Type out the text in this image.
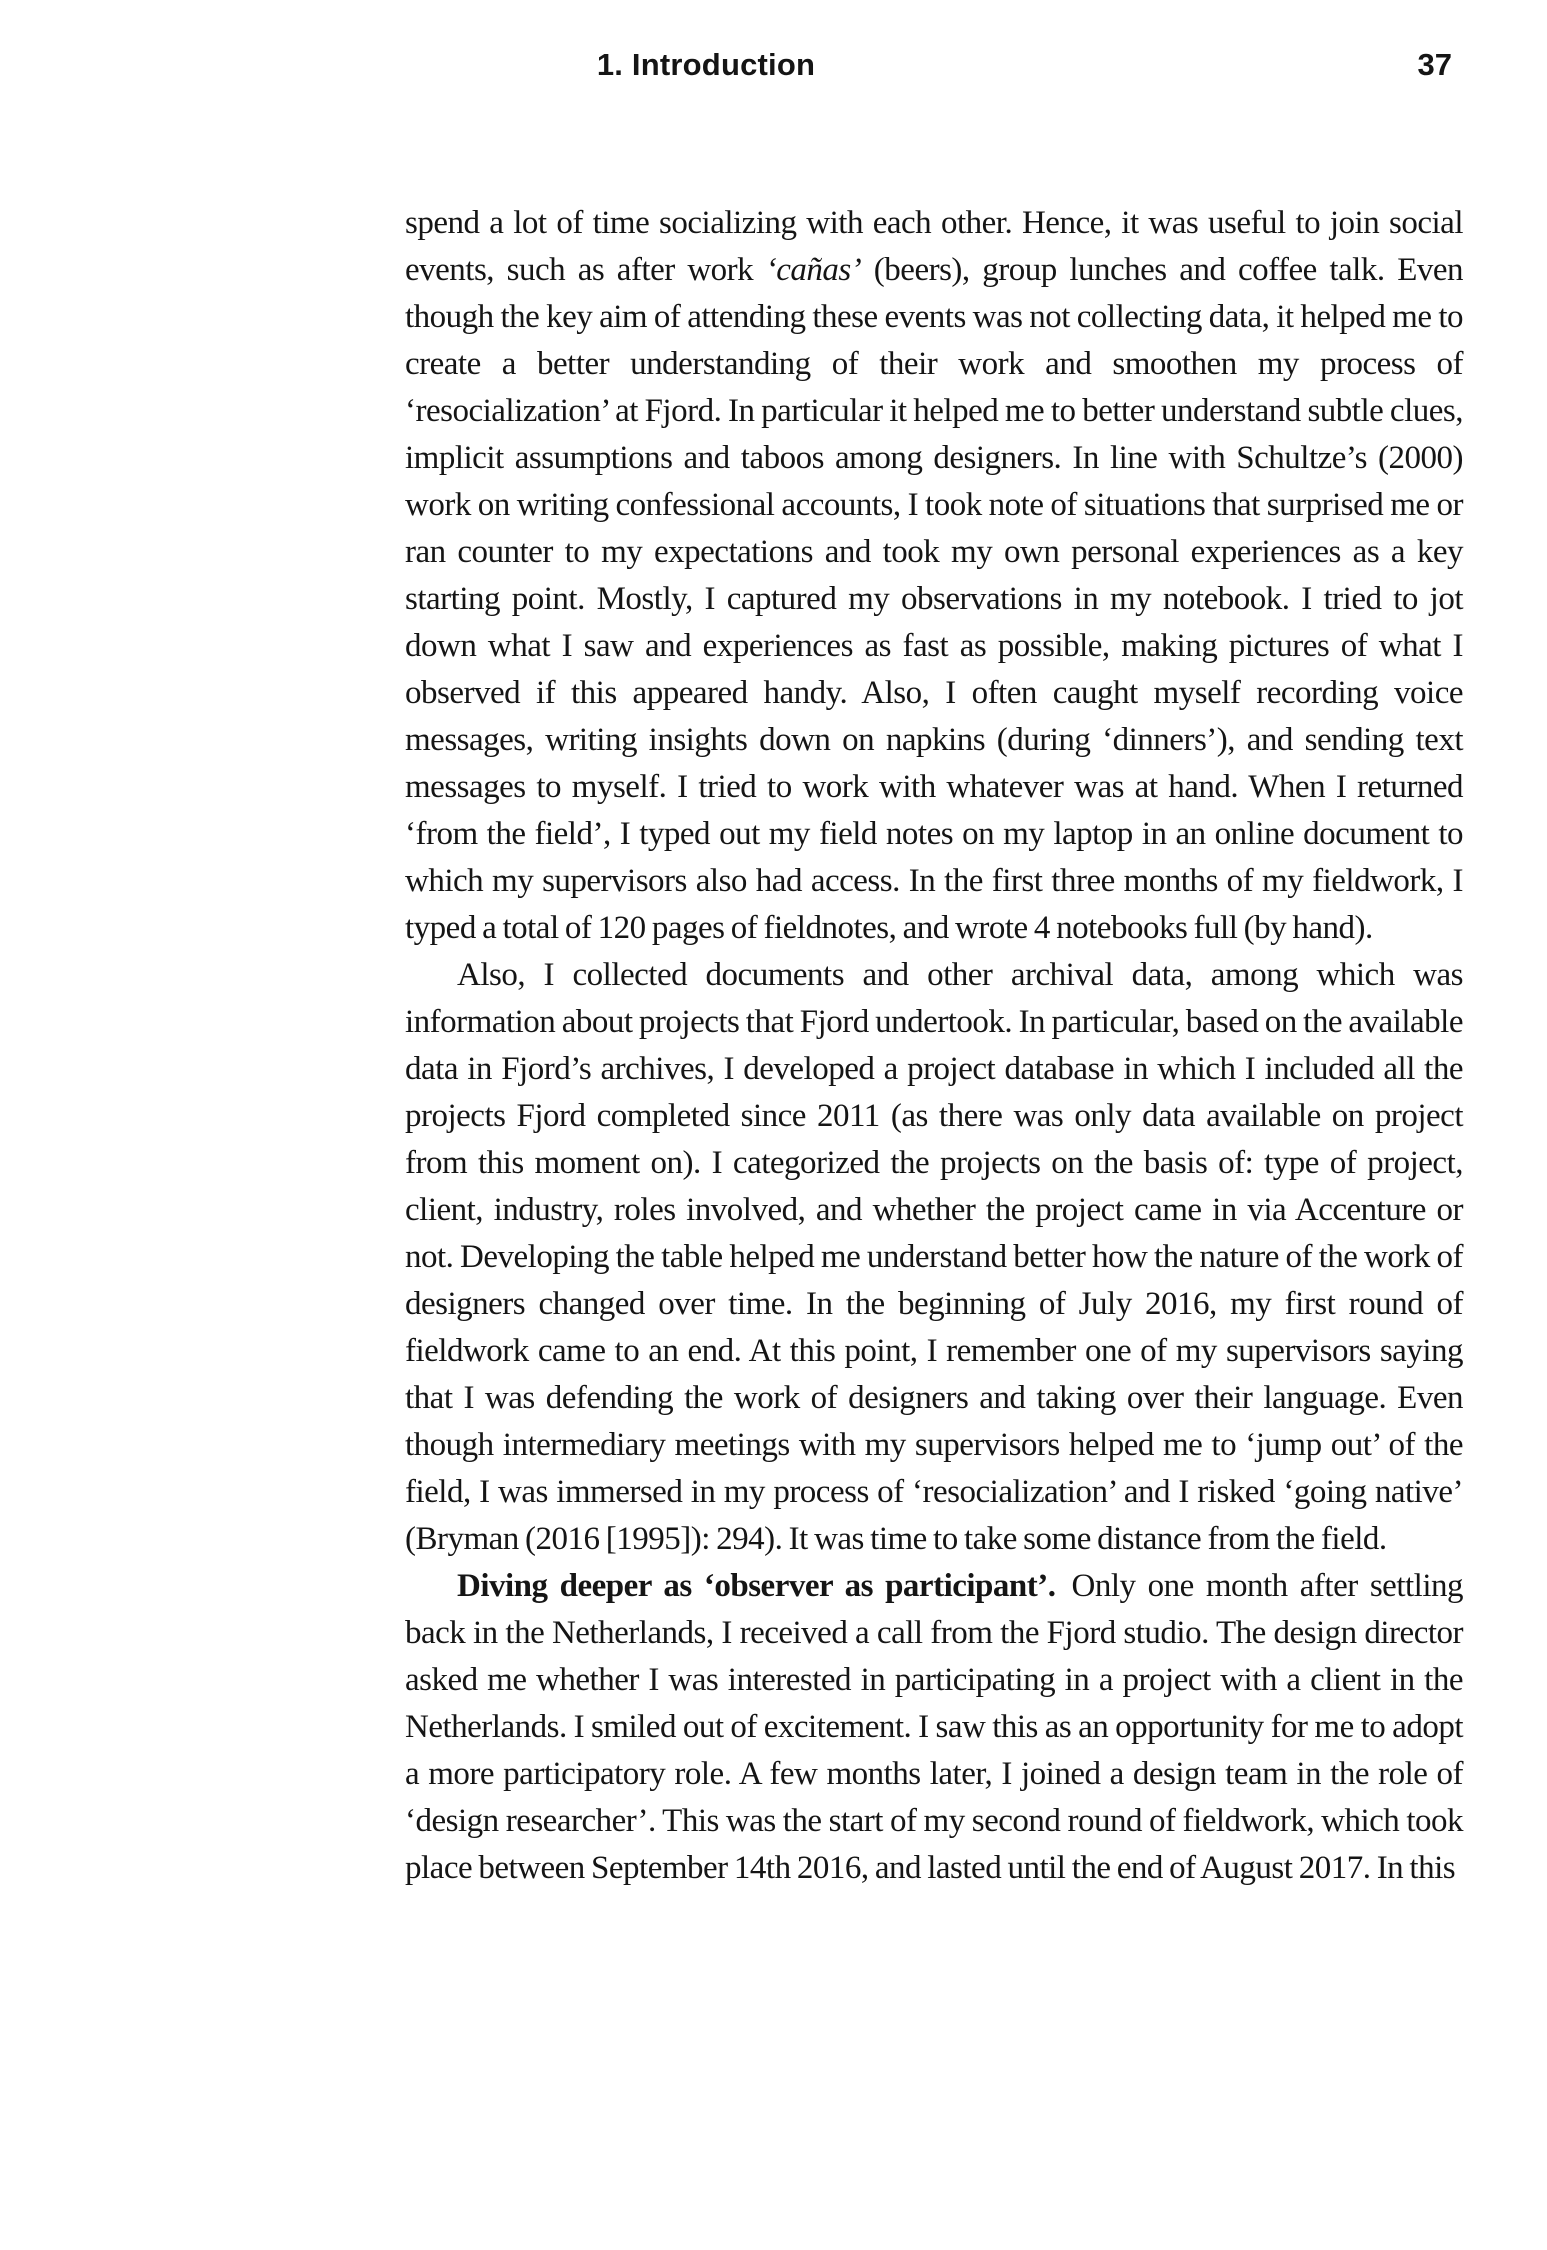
1. Introduction	37

spend a lot of time socializing with each other. Hence, it was useful to join social events, such as after work ‘cañas’ (beers), group lunches and coffee talk. Even though the key aim of attending these events was not collecting data, it helped me to create a better understanding of their work and smoothen my process of ‘resocialization’ at Fjord. In particular it helped me to better understand subtle clues, implicit assumptions and taboos among designers. In line with Schultze’s (2000) work on writing confessional accounts, I took note of situations that surprised me or ran counter to my expectations and took my own personal experiences as a key starting point. Mostly, I captured my observations in my notebook. I tried to jot down what I saw and experiences as fast as possible, making pictures of what I observed if this appeared handy. Also, I often caught myself recording voice messages, writing insights down on napkins (during ‘dinners’), and sending text messages to myself. I tried to work with whatever was at hand. When I returned ‘from the field’, I typed out my field notes on my laptop in an online document to which my supervisors also had access. In the first three months of my fieldwork, I typed a total of 120 pages of fieldnotes, and wrote 4 notebooks full (by hand).

Also, I collected documents and other archival data, among which was information about projects that Fjord undertook. In particular, based on the available data in Fjord’s archives, I developed a project database in which I included all the projects Fjord completed since 2011 (as there was only data available on project from this moment on). I categorized the projects on the basis of: type of project, client, industry, roles involved, and whether the project came in via Accenture or not. Developing the table helped me understand better how the nature of the work of designers changed over time. In the beginning of July 2016, my first round of fieldwork came to an end. At this point, I remember one of my supervisors saying that I was defending the work of designers and taking over their language. Even though intermediary meetings with my supervisors helped me to ‘jump out’ of the field, I was immersed in my process of ‘resocialization’ and I risked ‘going native’ (Bryman (2016 [1995]): 294). It was time to take some distance from the field.

Diving deeper as ‘observer as participant’.  Only one month after settling back in the Netherlands, I received a call from the Fjord studio. The design director asked me whether I was interested in participating in a project with a client in the Netherlands. I smiled out of excitement. I saw this as an opportunity for me to adopt a more participatory role. A few months later, I joined a design team in the role of ‘design researcher’. This was the start of my second round of fieldwork, which took place between September 14th 2016, and lasted until the end of August 2017. In this
